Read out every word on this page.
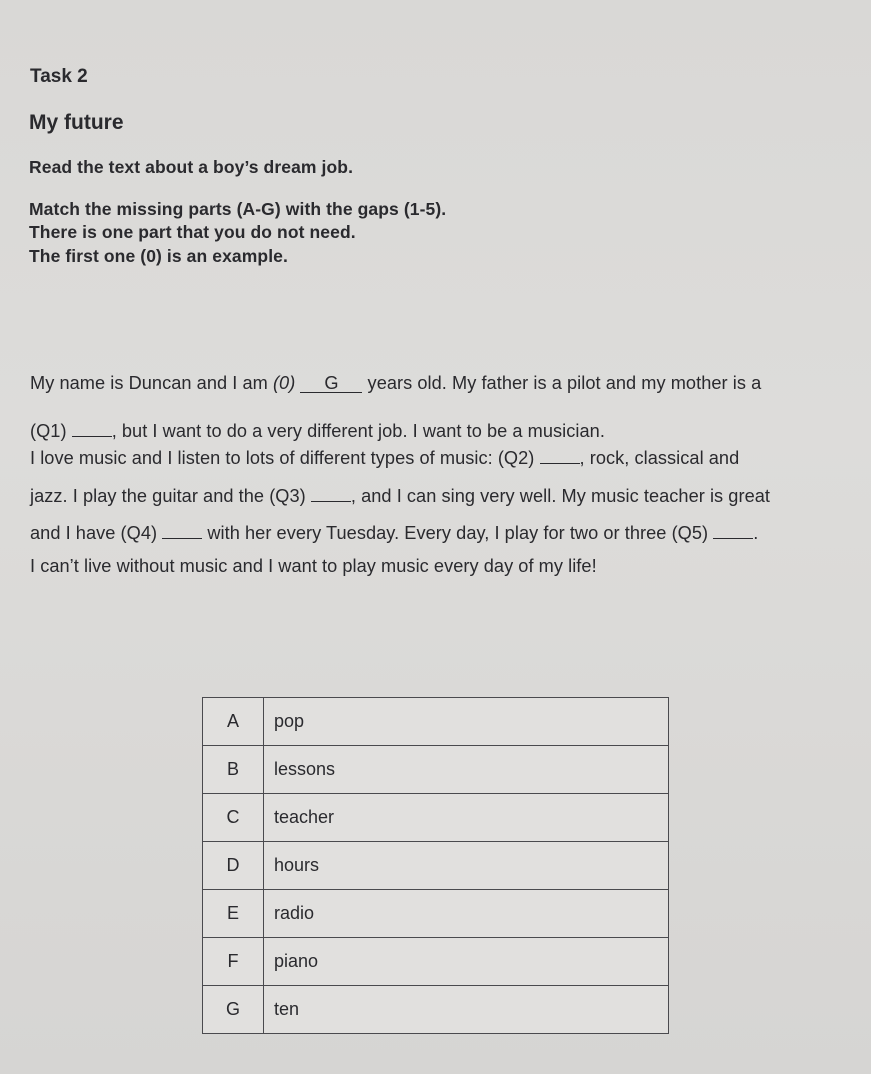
Task 2
My future
Read the text about a boy’s dream job.
Match the missing parts (A-G) with the gaps (1-5).
There is one part that you do not need.
The first one (0) is an example.
My name is Duncan and I am (0) G years old. My father is a pilot and my mother is a
(Q1) , but I want to do a very different job. I want to be a musician.
I love music and I listen to lots of different types of music: (Q2) , rock, classical and
jazz. I play the guitar and the (Q3) , and I can sing very well. My music teacher is great
and I have (Q4)  with her every Tuesday. Every day, I play for two or three (Q5) .
I can’t live without music and I want to play music every day of my life!
A	pop
B	lessons
C	teacher
D	hours
E	radio
F	piano
G	ten
